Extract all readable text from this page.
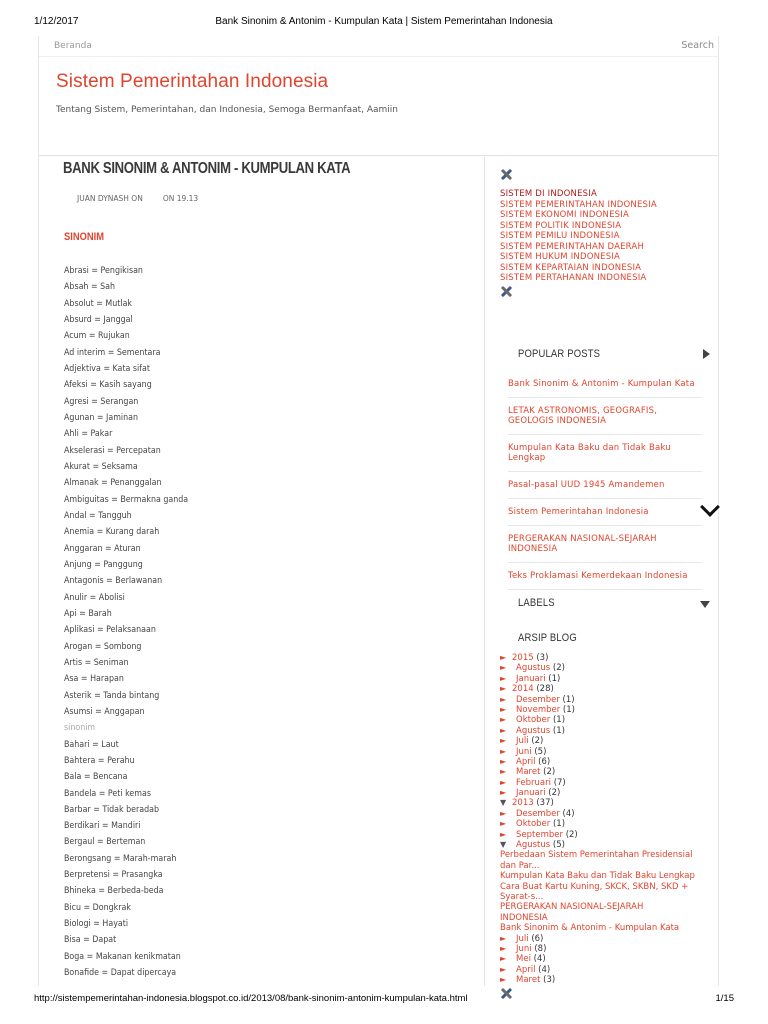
1/12/2017	Bank Sinonim & Antonim - Kumpulan Kata | Sistem Pemerintahan Indonesia
Beranda	Search
Sistem Pemerintahan Indonesia
Tentang Sistem, Pemerintahan, dan Indonesia, Semoga Bermanfaat, Aamiin
BANK SINONIM & ANTONIM - KUMPULAN KATA
JUAN DYNASH ON	ON 19.13
SINONIM
Abrasi = Pengikisan
Absah = Sah
Absolut = Mutlak
Absurd = Janggal
Acum = Rujukan
Ad interim = Sementara
Adjektiva = Kata sifat
Afeksi = Kasih sayang
Agresi = Serangan
Agunan = Jaminan
Ahli = Pakar
Akselerasi = Percepatan
Akurat = Seksama
Almanak = Penanggalan
Ambiguitas = Bermakna ganda
Andal = Tangguh
Anemia = Kurang darah
Anggaran = Aturan
Anjung = Panggung
Antagonis = Berlawanan
Anulir = Abolisi
Api = Barah
Aplikasi = Pelaksanaan
Arogan = Sombong
Artis = Seniman
Asa = Harapan
Asterik = Tanda bintang
Asumsi = Anggapan
sinonim
Bahari = Laut
Bahtera = Perahu
Bala = Bencana
Bandela = Peti kemas
Barbar = Tidak beradab
Berdikari = Mandiri
Bergaul = Berteman
Berongsang = Marah-marah
Berpretensi = Prasangka
Bhineka = Berbeda-beda
Bicu = Dongkrak
Biologi = Hayati
Bisa = Dapat
Boga = Makanan kenikmatan
Bonafide = Dapat dipercaya
SISTEM DI INDONESIA
SISTEM PEMERINTAHAN INDONESIA
SISTEM EKONOMI INDONESIA
SISTEM POLITIK INDONESIA
SISTEM PEMILU INDONESIA
SISTEM PEMERINTAHAN DAERAH
SISTEM HUKUM INDONESIA
SISTEM KEPARTAIAN INDONESIA
SISTEM PERTAHANAN INDONESIA
POPULAR POSTS
Bank Sinonim & Antonim - Kumpulan Kata
LETAK ASTRONOMIS, GEOGRAFIS, GEOLOGIS INDONESIA
Kumpulan Kata Baku dan Tidak Baku Lengkap
Pasal-pasal UUD 1945 Amandemen
Sistem Pemerintahan Indonesia
PERGERAKAN NASIONAL-SEJARAH INDONESIA
Teks Proklamasi Kemerdekaan Indonesia
LABELS
ARSIP BLOG
► 2015 (3)
► Agustus (2)
► Januari (1)
► 2014 (28)
► Desember (1)
► November (1)
► Oktober (1)
► Agustus (1)
► Juli (2)
► Juni (5)
► April (6)
► Maret (2)
► Februari (7)
► Januari (2)
▼ 2013 (37)
► Desember (4)
► Oktober (1)
► September (2)
▼ Agustus (5)
Perbedaan Sistem Pemerintahan Presidensial
dan Par...
Kumpulan Kata Baku dan Tidak Baku Lengkap
Cara Buat Kartu Kuning, SKCK, SKBN, SKD +
Syarat-s...
PERGERAKAN NASIONAL-SEJARAH
INDONESIA
Bank Sinonim & Antonim - Kumpulan Kata
► Juli (6)
► Juni (8)
► Mei (4)
► April (4)
► Maret (3)
http://sistempemerintahan-indonesia.blogspot.co.id/2013/08/bank-sinonim-antonim-kumpulan-kata.html	1/15
